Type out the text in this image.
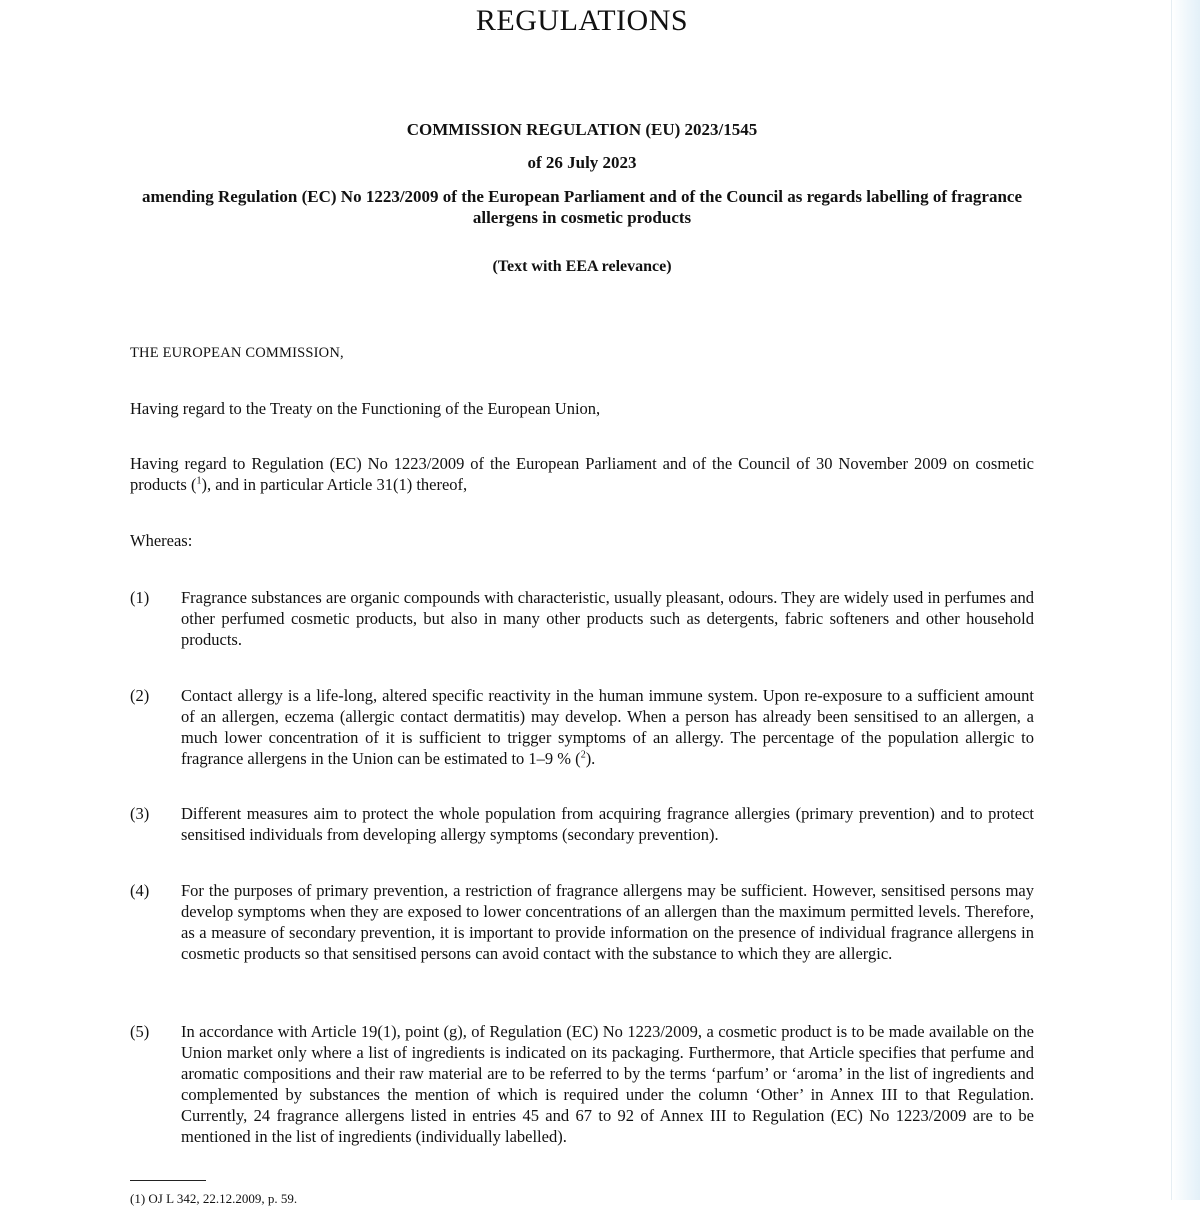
REGULATIONS
COMMISSION REGULATION (EU) 2023/1545
of 26 July 2023
amending Regulation (EC) No 1223/2009 of the European Parliament and of the Council as regards labelling of fragrance allergens in cosmetic products
(Text with EEA relevance)
THE EUROPEAN COMMISSION,
Having regard to the Treaty on the Functioning of the European Union,
Having regard to Regulation (EC) No 1223/2009 of the European Parliament and of the Council of 30 November 2009 on cosmetic products ($^1$), and in particular Article 31(1) thereof,
Whereas:
(1)	Fragrance substances are organic compounds with characteristic, usually pleasant, odours. They are widely used in perfumes and other perfumed cosmetic products, but also in many other products such as detergents, fabric softeners and other household products.
(2)	Contact allergy is a life-long, altered specific reactivity in the human immune system. Upon re-exposure to a sufficient amount of an allergen, eczema (allergic contact dermatitis) may develop. When a person has already been sensitised to an allergen, a much lower concentration of it is sufficient to trigger symptoms of an allergy. The percentage of the population allergic to fragrance allergens in the Union can be estimated to 1–9 % ($^2$).
(3)	Different measures aim to protect the whole population from acquiring fragrance allergies (primary prevention) and to protect sensitised individuals from developing allergy symptoms (secondary prevention).
(4)	For the purposes of primary prevention, a restriction of fragrance allergens may be sufficient. However, sensitised persons may develop symptoms when they are exposed to lower concentrations of an allergen than the maximum permitted levels. Therefore, as a measure of secondary prevention, it is important to provide information on the presence of individual fragrance allergens in cosmetic products so that sensitised persons can avoid contact with the substance to which they are allergic.
(5)	In accordance with Article 19(1), point (g), of Regulation (EC) No 1223/2009, a cosmetic product is to be made available on the Union market only where a list of ingredients is indicated on its packaging. Furthermore, that Article specifies that perfume and aromatic compositions and their raw material are to be referred to by the terms ‘parfum’ or ‘aroma’ in the list of ingredients and complemented by substances the mention of which is required under the column ‘Other’ in Annex III to that Regulation. Currently, 24 fragrance allergens listed in entries 45 and 67 to 92 of Annex III to Regulation (EC) No 1223/2009 are to be mentioned in the list of ingredients (individually labelled).
(1) OJ L 342, 22.12.2009, p. 59.
